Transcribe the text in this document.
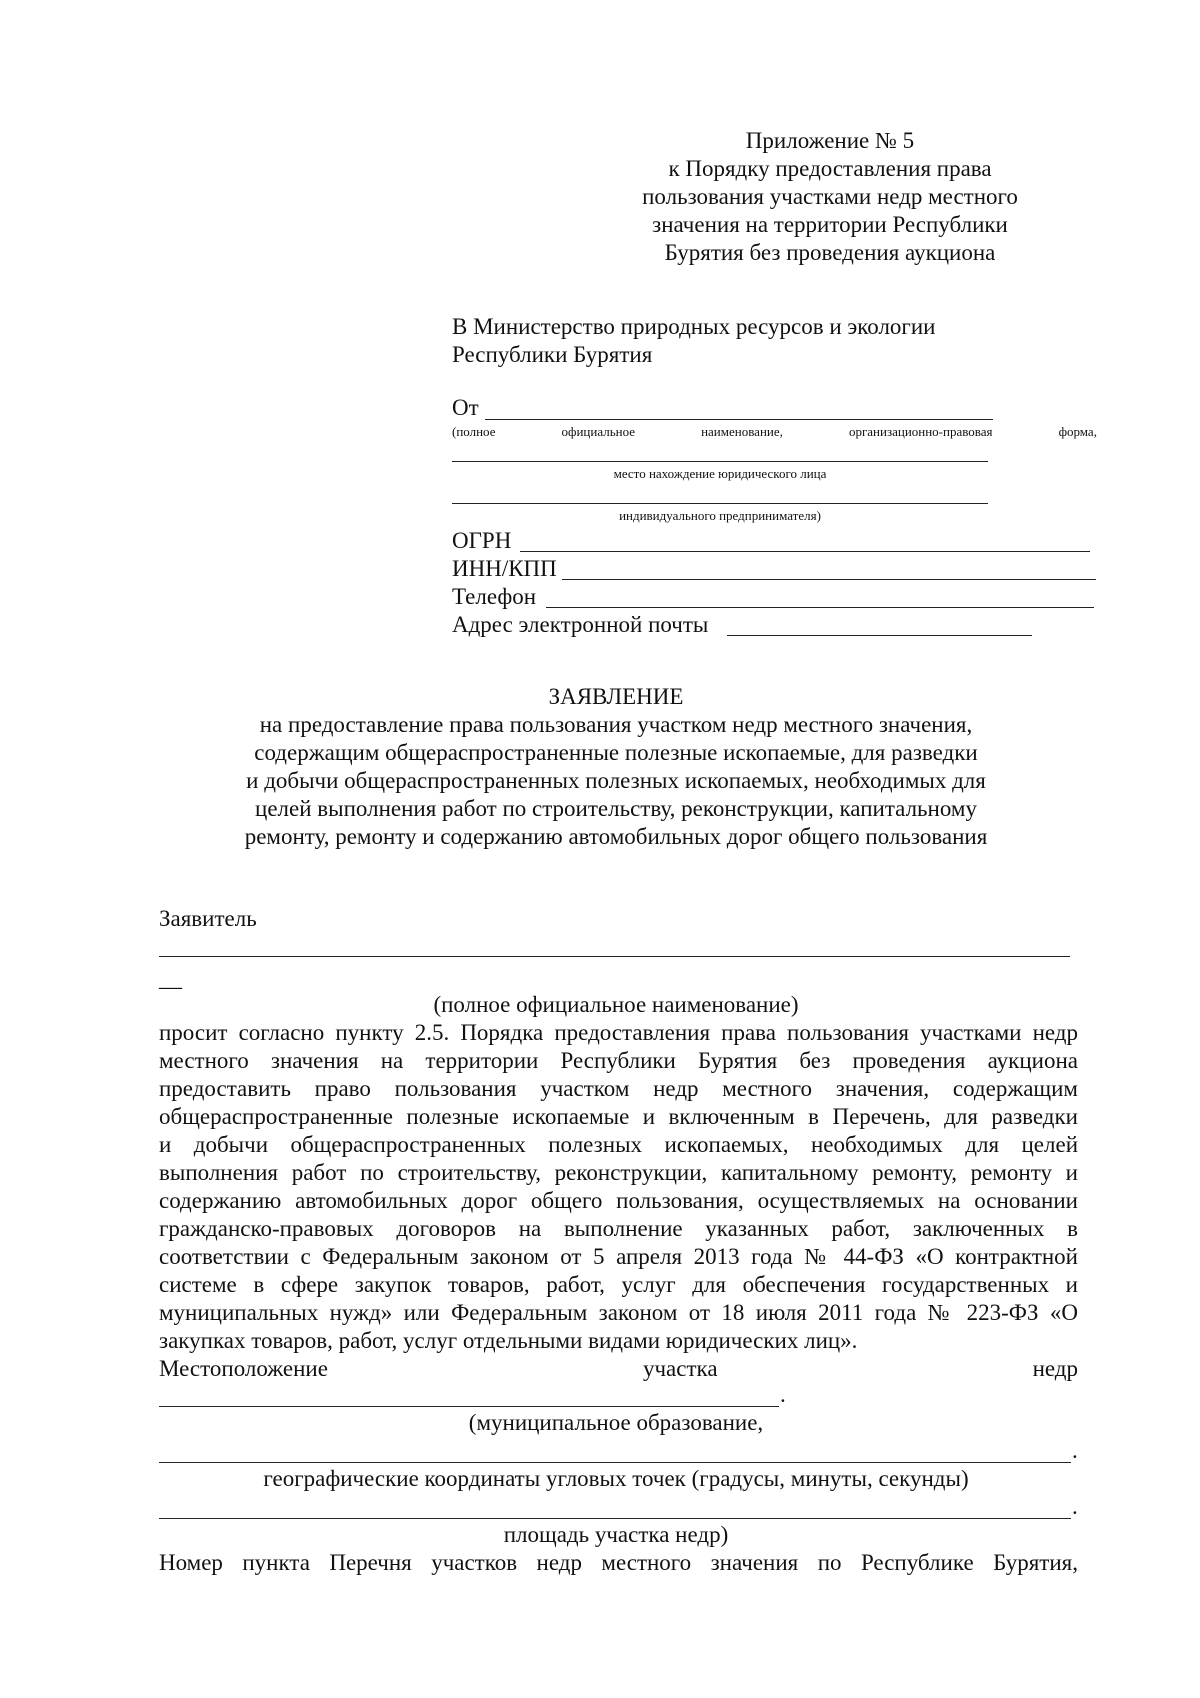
Приложение № 5
к Порядку предоставления права
пользования участками недр местного
значения на территории Республики
Бурятия без проведения аукциона
В Министерство природных ресурсов и экологии
Республики Бурятия
От
(полное	официальное	наименование,	организационно-правовая	форма,
место нахождение юридического лица
индивидуального предпринимателя)
ОГРН
ИНН/КПП
Телефон
Адрес электронной почты
ЗАЯВЛЕНИЕ
на предоставление права пользования участком недр местного значения,
содержащим общераспространенные полезные ископаемые, для разведки
и добычи общераспространенных полезных ископаемых, необходимых для
целей выполнения работ по строительству, реконструкции, капитальному
ремонту, ремонту и содержанию автомобильных дорог общего пользования
Заявитель
__
(полное официальное наименование)
просит согласно пункту 2.5. Порядка предоставления права пользования участками недр
местного значения на территории Республики Бурятия без проведения аукциона
предоставить право пользования участком недр местного значения, содержащим
общераспространенные полезные ископаемые и включенным в Перечень, для разведки
и добычи общераспространенных полезных ископаемых, необходимых для целей
выполнения работ по строительству, реконструкции, капитальному ремонту, ремонту и
содержанию автомобильных дорог общего пользования, осуществляемых на основании
гражданско-правовых договоров на выполнение указанных работ, заключенных в
соответствии с Федеральным законом от 5 апреля 2013 года № 44-ФЗ «О контрактной
системе в сфере закупок товаров, работ, услуг для обеспечения государственных и
муниципальных нужд» или Федеральным законом от 18 июля 2011 года № 223-ФЗ «О
закупках товаров, работ, услуг отдельными видами юридических лиц».
Местоположение	участка	недр
.
(муниципальное образование,
.
географические координаты угловых точек (градусы, минуты, секунды)
.
площадь участка недр)
Номер пункта Перечня участков недр местного значения по Республике Бурятия,
